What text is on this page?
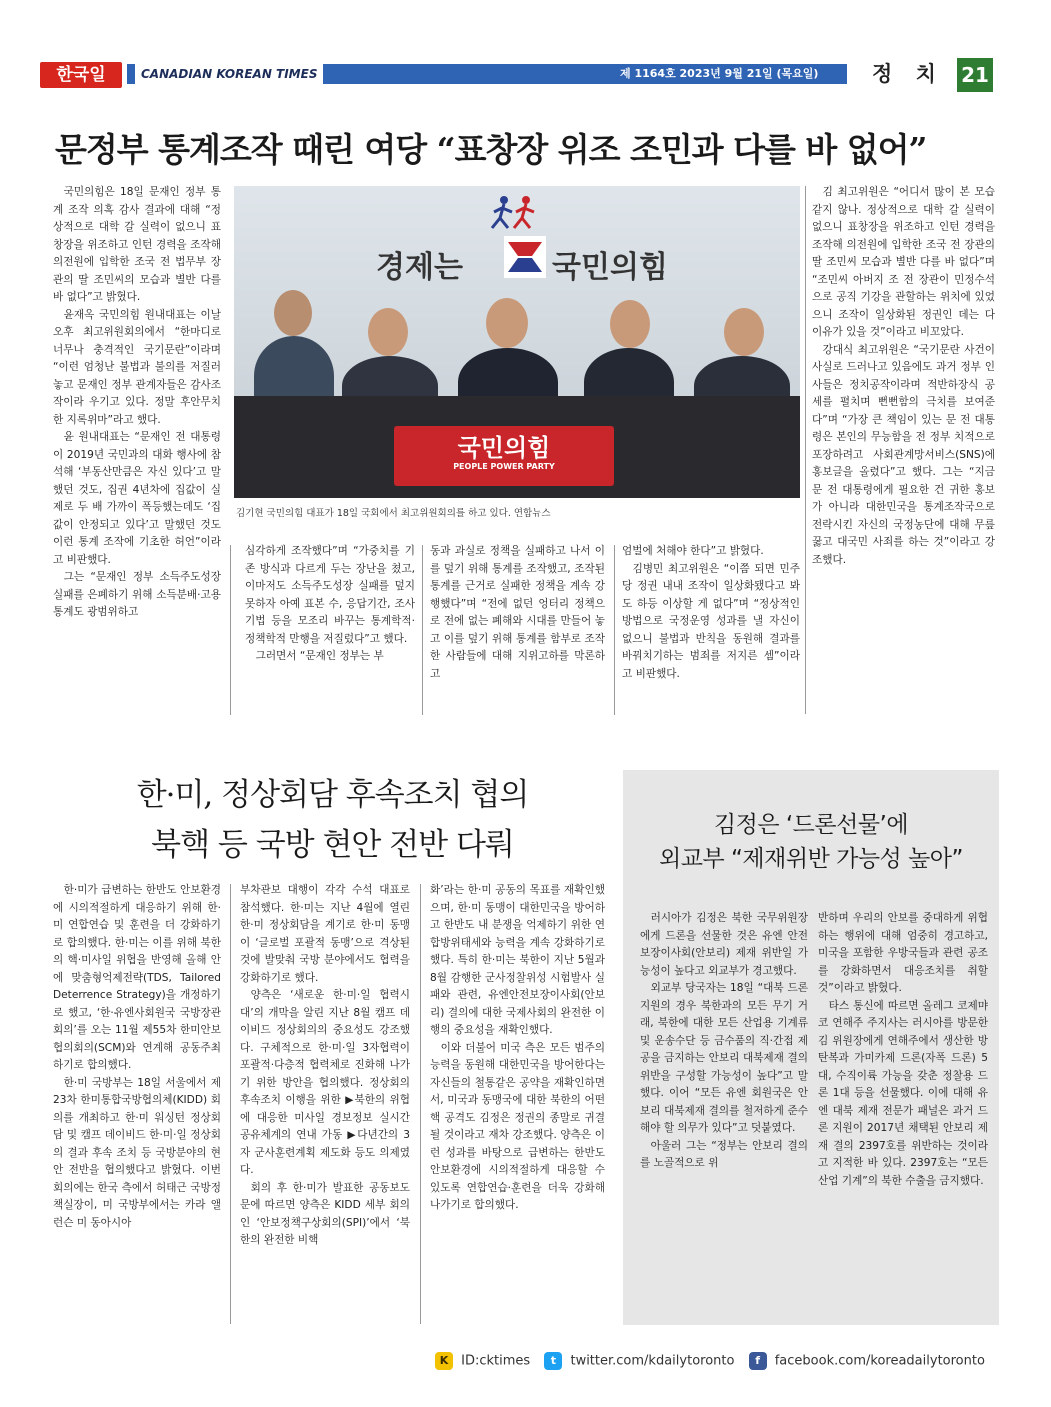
한국일	CANADIAN KOREAN TIMES	제 1164호 2023년 9월 21일 (목요일)	정 치 21
문정부 통계조작 때린 여당 “표창장 위조 조민과 다를 바 없어”

국민의힘은 18일 문재인 정부 통계 조작 의혹 감사 결과에 대해 “정상적으로 대학 갈 실력이 없으니 표창장을 위조하고 인턴 경력을 조작해 의전원에 입학한 조국 전 법무부 장관의 딸 조민씨의 모습과 별반 다를 바 없다”고 밝혔다.

윤재옥 국민의힘 원내대표는 이날 오후 최고위원회의에서 “한마디로 너무나 충격적인 국기문란”이라며 “이런 엄청난 불법과 불의를 저질러놓고 문재인 정부 관계자들은 감사조작이라 우기고 있다. 정말 후안무치한 지록위마”라고 했다.

윤 원내대표는 “문재인 전 대통령이 2019년 국민과의 대화 행사에 참석해 ‘부동산만큼은 자신 있다’고 말했던 것도, 집권 4년차에 집값이 실제로 두 배 가까이 폭등했는데도 ‘집값이 안정되고 있다’고 말했던 것도 이런 통계 조작에 기초한 허언”이라고 비판했다.

그는 “문재인 정부 소득주도성장 실패를 은폐하기 위해 소득분배·고용 통계도 광범위하고

경제는	국민의힘
국민의힘
PEOPLE POWER PARTY
김기현 국민의힘 대표가 18일 국회에서 최고위원회의를 하고 있다. 연합뉴스

김 최고위원은 “어디서 많이 본 모습 같지 않나. 정상적으로 대학 갈 실력이 없으니 표창장을 위조하고 인턴 경력을 조작해 의전원에 입학한 조국 전 장관의 딸 조민씨 모습과 별반 다를 바 없다”며 “조민씨 아버지 조 전 장관이 민정수석으로 공직 기강을 관할하는 위치에 있었으니 조작이 일상화된 정권인 데는 다 이유가 있을 것”이라고 비꼬았다.

강대식 최고위원은 “국기문란 사건이 사실로 드러나고 있음에도 과거 정부 인사들은 정치공작이라며 적반하장식 공세를 펼치며 뻔뻔함의 극치를 보여준다”며 “가장 큰 책임이 있는 문 전 대통령은 본인의 무능함을 전 정부 치적으로 포장하려고 사회관계망서비스(SNS)에 홍보글을 올렸다”고 했다. 그는 “지금 문 전 대통령에게 필요한 건 귀한 홍보가 아니라 대한민국을 통계조작국으로 전락시킨 자신의 국정농단에 대해 무릎 꿇고 대국민 사죄를 하는 것”이라고 강조했다.

심각하게 조작했다”며 “가중치를 기존 방식과 다르게 두는 장난을 쳤고, 이마저도 소득주도성장 실패를 덮지 못하자 아예 표본 수, 응답기간, 조사기법 등을 모조리 바꾸는 통계학적·정책학적 만행을 저질렀다”고 했다.

그러면서 “문재인 정부는 부

동과 과실로 정책을 실패하고 나서 이를 덮기 위해 통계를 조작했고, 조작된 통계를 근거로 실패한 정책을 계속 강행했다”며 “전에 없던 엉터리 정책으로 전에 없는 폐해와 시대를 만들어 놓고 이를 덮기 위해 통계를 함부로 조작한 사람들에 대해 지위고하를 막론하고

엄벌에 처해야 한다”고 밝혔다.

김병민 최고위원은 “이쯤 되면 민주당 정권 내내 조작이 일상화됐다고 봐도 하등 이상할 게 없다”며 “정상적인 방법으로 국정운영 성과를 낼 자신이 없으니 불법과 반칙을 동원해 결과를 바꿔치기하는 범죄를 저지른 셈”이라고 비판했다.

한·미, 정상회담 후속조치 협의
북핵 등 국방 현안 전반 다뤄

한·미가 급변하는 한반도 안보환경에 시의적절하게 대응하기 위해 한·미 연합연습 및 훈련을 더 강화하기로 합의했다. 한·미는 이를 위해 북한의 핵·미사일 위협을 반영해 올해 안에 맞춤형억제전략(TDS, Tailored Deterrence Strategy)을 개정하기로 했고, ‘한·유엔사회원국 국방장관회의’를 오는 11월 제55차 한미안보협의회의(SCM)와 연계해 공동주최하기로 합의했다.

한·미 국방부는 18일 서울에서 제23차 한미통합국방협의체(KIDD) 회의를 개최하고 한·미 워싱턴 정상회담 및 캠프 데이비드 한·미·일 정상회의 결과 후속 조치 등 국방분야의 현안 전반을 협의했다고 밝혔다. 이번 회의에는 한국 측에서 허태근 국방정책실장이, 미 국방부에서는 카라 앨런슨 미 동아시아

부차관보 대행이 각각 수석 대표로 참석했다. 한·미는 지난 4월에 열린 한·미 정상회담을 계기로 한·미 동맹이 ‘글로벌 포괄적 동맹’으로 격상된 것에 발맞춰 국방 분야에서도 협력을 강화하기로 했다.

양측은 ‘새로운 한·미·일 협력시대’의 개막을 알린 지난 8월 캠프 데이비드 정상회의의 중요성도 강조했다. 구체적으로 한·미·일 3자협력이 포괄적·다층적 협력체로 진화해 나가기 위한 방안을 협의했다. 정상회의 후속조치 이행을 위한 ▶북한의 위협에 대응한 미사일 경보정보 실시간 공유체계의 연내 가동 ▶다년간의 3자 군사훈련계획 제도화 등도 의제였다.

회의 후 한·미가 발표한 공동보도문에 따르면 양측은 KIDD 세부 회의인 ‘안보정책구상회의(SPI)’에서 ‘북한의 완전한 비핵

화’라는 한·미 공동의 목표를 재확인했으며, 한·미 동맹이 대한민국을 방어하고 한반도 내 분쟁을 억제하기 위한 연합방위태세와 능력을 계속 강화하기로 했다. 특히 한·미는 북한이 지난 5월과 8월 감행한 군사정찰위성 시험발사 실패와 관련, 유엔안전보장이사회(안보리) 결의에 대한 국제사회의 완전한 이행의 중요성을 재확인했다.

이와 더불어 미국 측은 모든 범주의 능력을 동원해 대한민국을 방어한다는 자신들의 철통같은 공약을 재확인하면서, 미국과 동맹국에 대한 북한의 어떤 핵 공격도 김정은 정권의 종말로 귀결될 것이라고 재차 강조했다. 양측은 이런 성과를 바탕으로 급변하는 한반도 안보환경에 시의적절하게 대응할 수 있도록 연합연습·훈련을 더욱 강화해 나가기로 합의했다.

김정은 ‘드론선물’에
외교부 “제재위반 가능성 높아”

러시아가 김정은 북한 국무위원장에게 드론을 선물한 것은 유엔 안전보장이사회(안보리) 제재 위반일 가능성이 높다고 외교부가 경고했다.

외교부 당국자는 18일 “대북 드론 지원의 경우 북한과의 모든 무기 거래, 북한에 대한 모든 산업용 기계류 및 운송수단 등 금수품의 직·간접 제공을 금지하는 안보리 대북제재 결의 위반을 구성할 가능성이 높다”고 말했다. 이어 “모든 유엔 회원국은 안보리 대북제재 결의를 철저하게 준수해야 할 의무가 있다”고 덧붙였다.

아울러 그는 “정부는 안보리 결의를 노골적으로 위

반하며 우리의 안보를 중대하게 위협하는 행위에 대해 엄중히 경고하고, 미국을 포함한 우방국들과 관련 공조를 강화하면서 대응조치를 취할 것”이라고 밝혔다.

타스 통신에 따르면 올레그 코제먀코 연해주 주지사는 러시아를 방문한 김 위원장에게 연해주에서 생산한 방탄복과 가미카제 드론(자폭 드론) 5대, 수직이륙 가능을 갖춘 정찰용 드론 1대 등을 선물했다. 이에 대해 유엔 대북 제재 전문가 패널은 과거 드론 지원이 2017년 채택된 안보리 제재 결의 2397호를 위반하는 것이라고 지적한 바 있다. 2397호는 “모든 산업 기계”의 북한 수출을 금지했다.

K ID:cktimes t twitter.com/kdailytoronto f facebook.com/koreadailytoronto
